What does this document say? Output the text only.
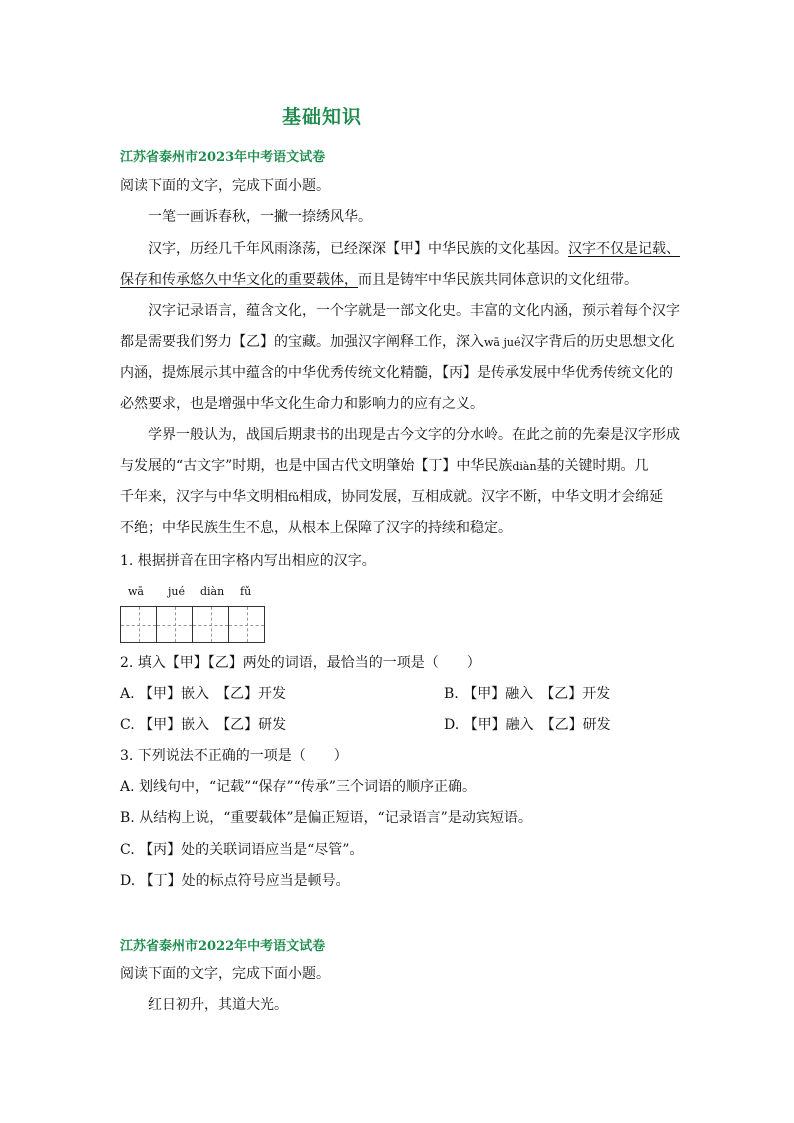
基础知识
江苏省泰州市2023年中考语文试卷
阅读下面的文字，完成下面小题。
一笔一画诉春秋，一撇一捺绣风华。
汉字，历经几千年风雨涤荡，已经深深【甲】中华民族的文化基因。汉字不仅是记载、
保存和传承悠久中华文化的重要载体，而且是铸牢中华民族共同体意识的文化纽带。
汉字记录语言，蕴含文化，一个字就是一部文化史。丰富的文化内涵，预示着每个汉字
都是需要我们努力【乙】的宝藏。加强汉字阐释工作，深入wā jué汉字背后的历史思想文化
内涵，提炼展示其中蕴含的中华优秀传统文化精髓，【丙】是传承发展中华优秀传统文化的
必然要求，也是增强中华文化生命力和影响力的应有之义。
学界一般认为，战国后期隶书的出现是古今文字的分水岭。在此之前的先秦是汉字形成
与发展的“古文字”时期，也是中国古代文明肇始【丁】中华民族diàn基的关键时期。几
千年来，汉字与中华文明相fǔ相成，协同发展，互相成就。汉字不断，中华文明才会绵延
不绝；中华民族生生不息，从根本上保障了汉字的持续和稳定。
1. 根据拼音在田字格内写出相应的汉字。
wā jué diàn fǔ
2. 填入【甲】【乙】两处的词语，最恰当的一项是（　　）
A. 【甲】嵌入　【乙】开发	B. 【甲】融入　【乙】开发
C. 【甲】嵌入　【乙】研发	D. 【甲】融入　【乙】研发
3. 下列说法不正确的一项是（　　）
A. 划线句中，“记载”“保存”“传承”三个词语的顺序正确。
B. 从结构上说，“重要载体”是偏正短语，“记录语言”是动宾短语。
C. 【丙】处的关联词语应当是“尽管”。
D. 【丁】处的标点符号应当是顿号。
江苏省泰州市2022年中考语文试卷
阅读下面的文字，完成下面小题。
红日初升，其道大光。
